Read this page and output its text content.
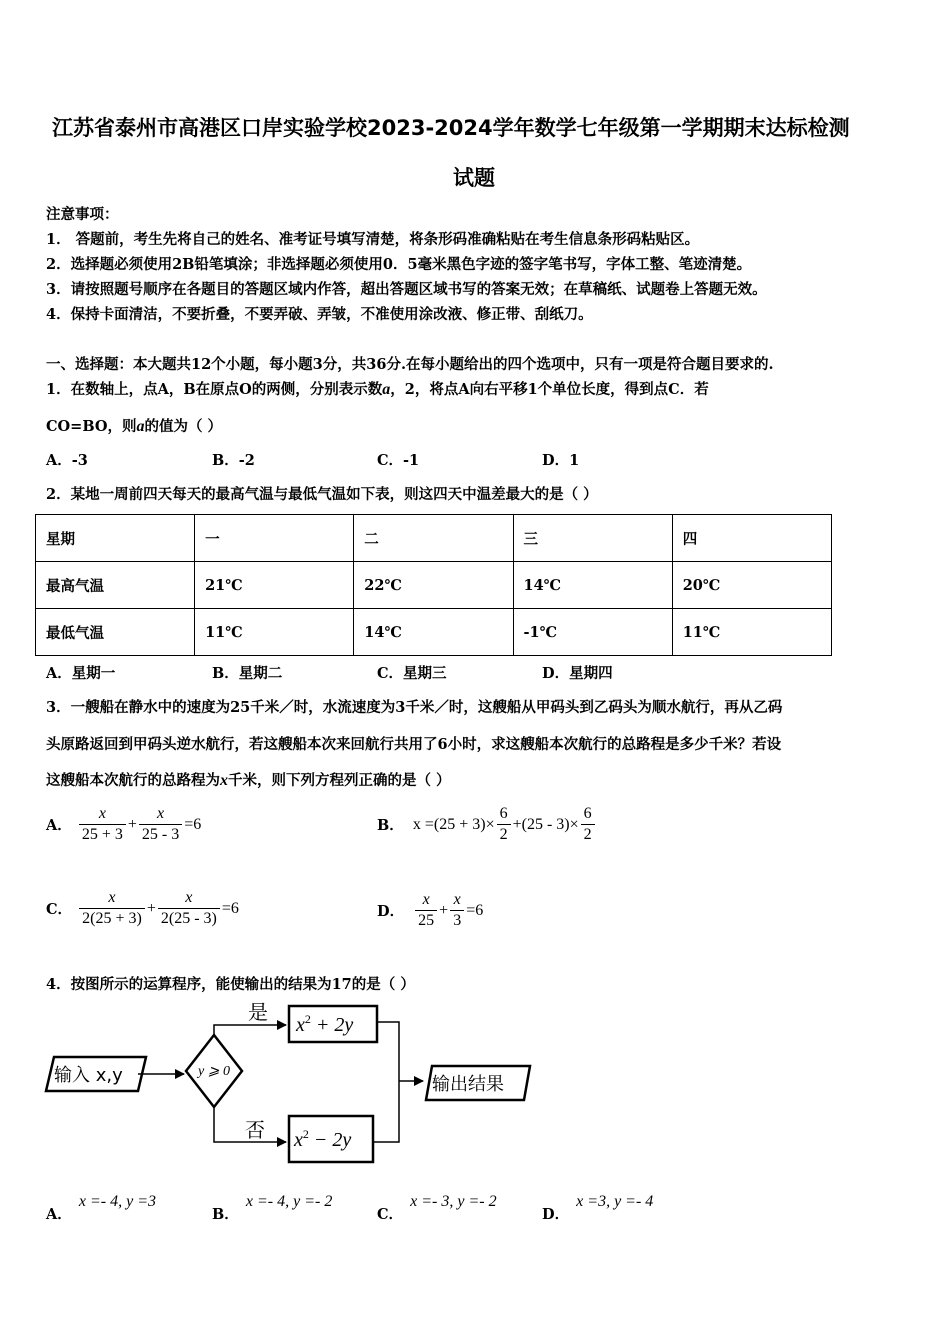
江苏省泰州市高港区口岸实验学校2023-2024学年数学七年级第一学期期末达标检测
试题
注意事项：
1． 答题前，考生先将自己的姓名、准考证号填写清楚，将条形码准确粘贴在考生信息条形码粘贴区。
2．选择题必须使用2B铅笔填涂；非选择题必须使用0．5毫米黑色字迹的签字笔书写，字体工整、笔迹清楚。
3．请按照题号顺序在各题目的答题区域内作答，超出答题区域书写的答案无效；在草稿纸、试题卷上答题无效。
4．保持卡面清洁，不要折叠，不要弄破、弄皱，不准使用涂改液、修正带、刮纸刀。
一、选择题：本大题共12个小题，每小题3分，共36分.在每小题给出的四个选项中，只有一项是符合题目要求的.
1．在数轴上，点A，B在原点O的两侧，分别表示数a，2，将点A向右平移1个单位长度，得到点C．若
CO=BO，则a的值为（ ）
A．-3	B．-2	C．-1	D．1
2．某地一周前四天每天的最高气温与最低气温如下表，则这四天中温差最大的是（ ）
星期	一	二	三	四
最高气温	21℃	22℃	14℃	20℃
最低气温	11℃	14℃	-1℃	11℃
A．星期一	B．星期二	C．星期三	D．星期四
3．一艘船在静水中的速度为25千米／时，水流速度为3千米／时，这艘船从甲码头到乙码头为顺水航行，再从乙码
头原路返回到甲码头逆水航行，若这艘船本次来回航行共用了6小时，求这艘船本次航行的总路程是多少千米？若设
这艘船本次航行的总路程为x千米，则下列方程列正确的是（ ）
A． $\frac{x}{25 + 3} + \frac{x}{25 - 3} =6$	B． $x =(25 + 3)\times \frac{6}{2} +(25 - 3)\times \frac{6}{2}$
C． $\frac{x}{2(25 + 3)} + \frac{x}{2(25 - 3)} =6$	D． $\frac{x}{25} + \frac{x}{3} =6$
4．按图所示的运算程序，能使输出的结果为17的是（ ）
输入 x,y	y ⩾ 0
是
否
$x^2 + 2y$
$x^2 - 2y$
输出结果
A． x =- 4, y =3
B． x =- 4, y =- 2
C． x =- 3, y =- 2
D． x =3, y =- 4
